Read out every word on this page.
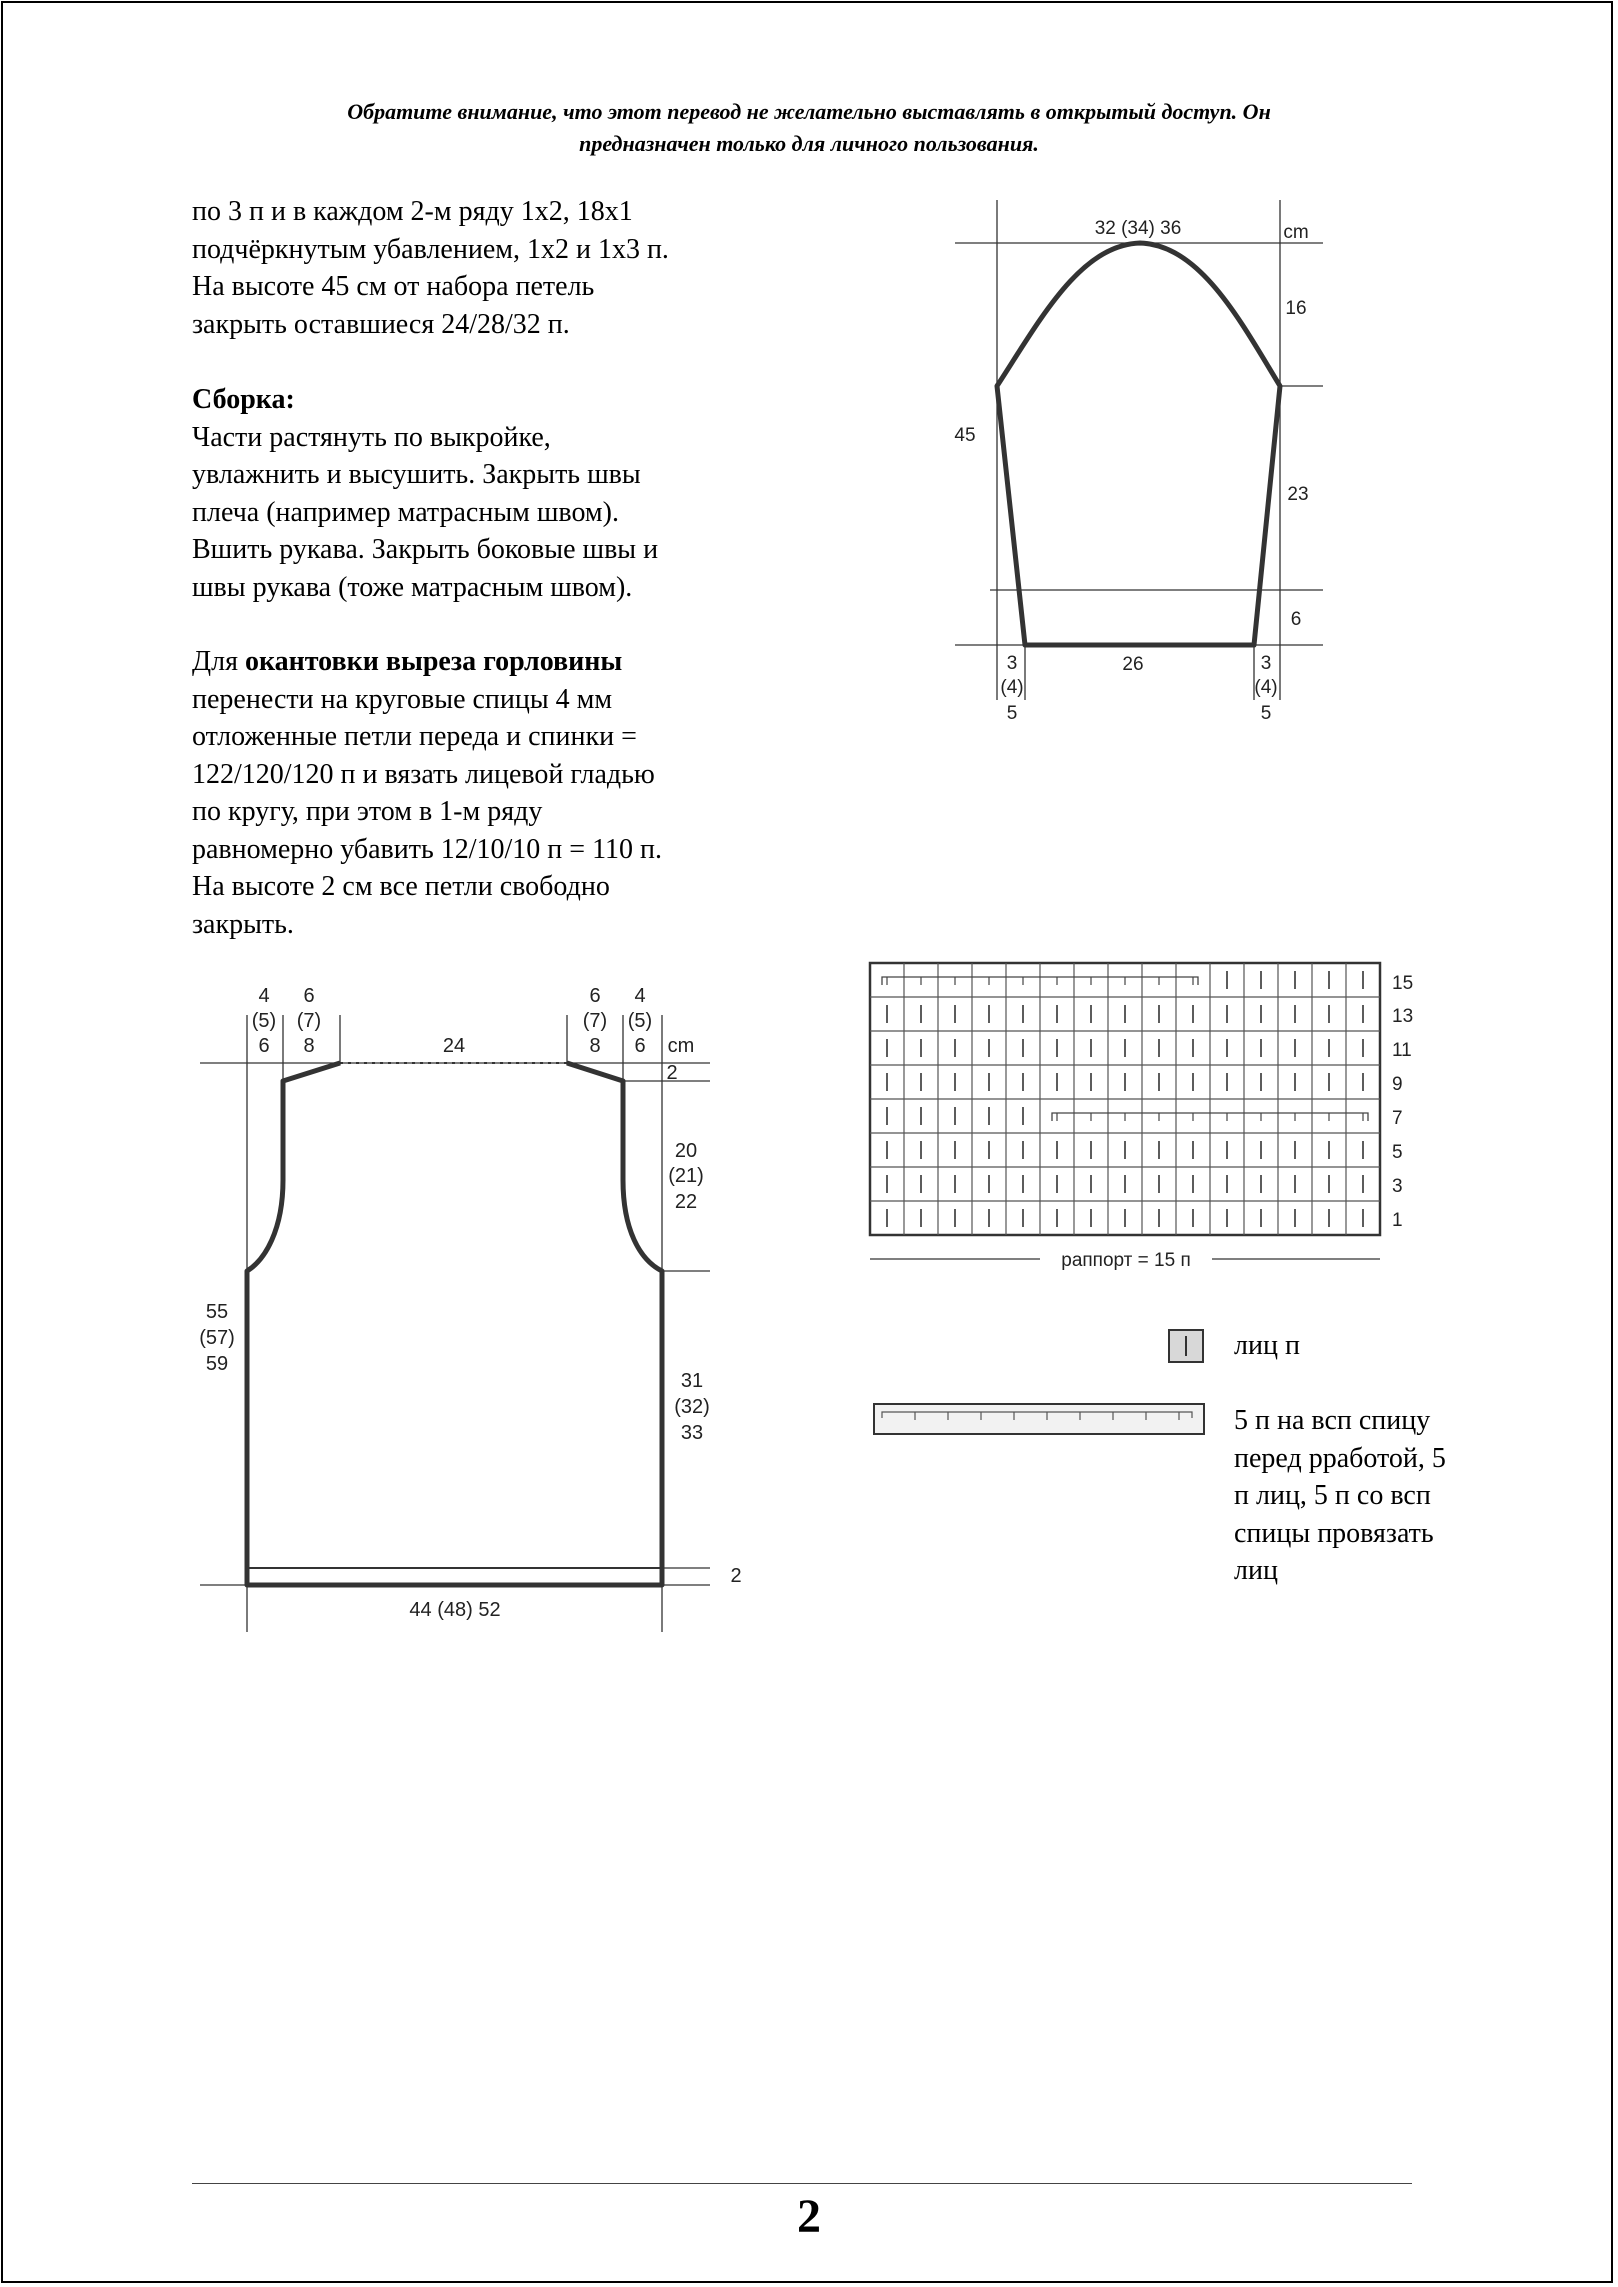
Обратите внимание, что этот перевод не желательно выставлять в открытый доступ. Он
предназначен только для личного пользования.
по 3 п и в каждом 2-м ряду 1х2, 18х1
подчёркнутым убавлением, 1х2 и 1х3 п.
На высоте 45 см от набора петель
закрыть оставшиеся 24/28/32 п.
Сборка:
Части растянуть по выкройке,
увлажнить и высушить. Закрыть швы
плеча (например матрасным швом).
Вшить рукава. Закрыть боковые швы и
швы рукава (тоже матрасным швом).
Для окантовки выреза горловины
перенести на круговые спицы 4 мм
отложенные петли переда и спинки =
122/120/120 п и вязать лицевой гладью
по кругу, при этом в 1-м ряду
равномерно убавить 12/10/10 п = 110 п.
На высоте 2 см все петли свободно
закрыть.
32 (34) 36	cm
16
45
23
6
26
3
(4)
5
3
(4)
5
4
(5)
6
6
(7)
8
6
(7)
8
4
(5)
6
24	cm
2
20
(21)
22
55
(57)
59
31
(32)
33
2
44 (48) 52
15
13
11
9
7
5
3
1
раппорт = 15 п
лиц п
5 п на всп спицу
перед рработой, 5
п лиц, 5 п со всп
спицы провязать
лиц
2
